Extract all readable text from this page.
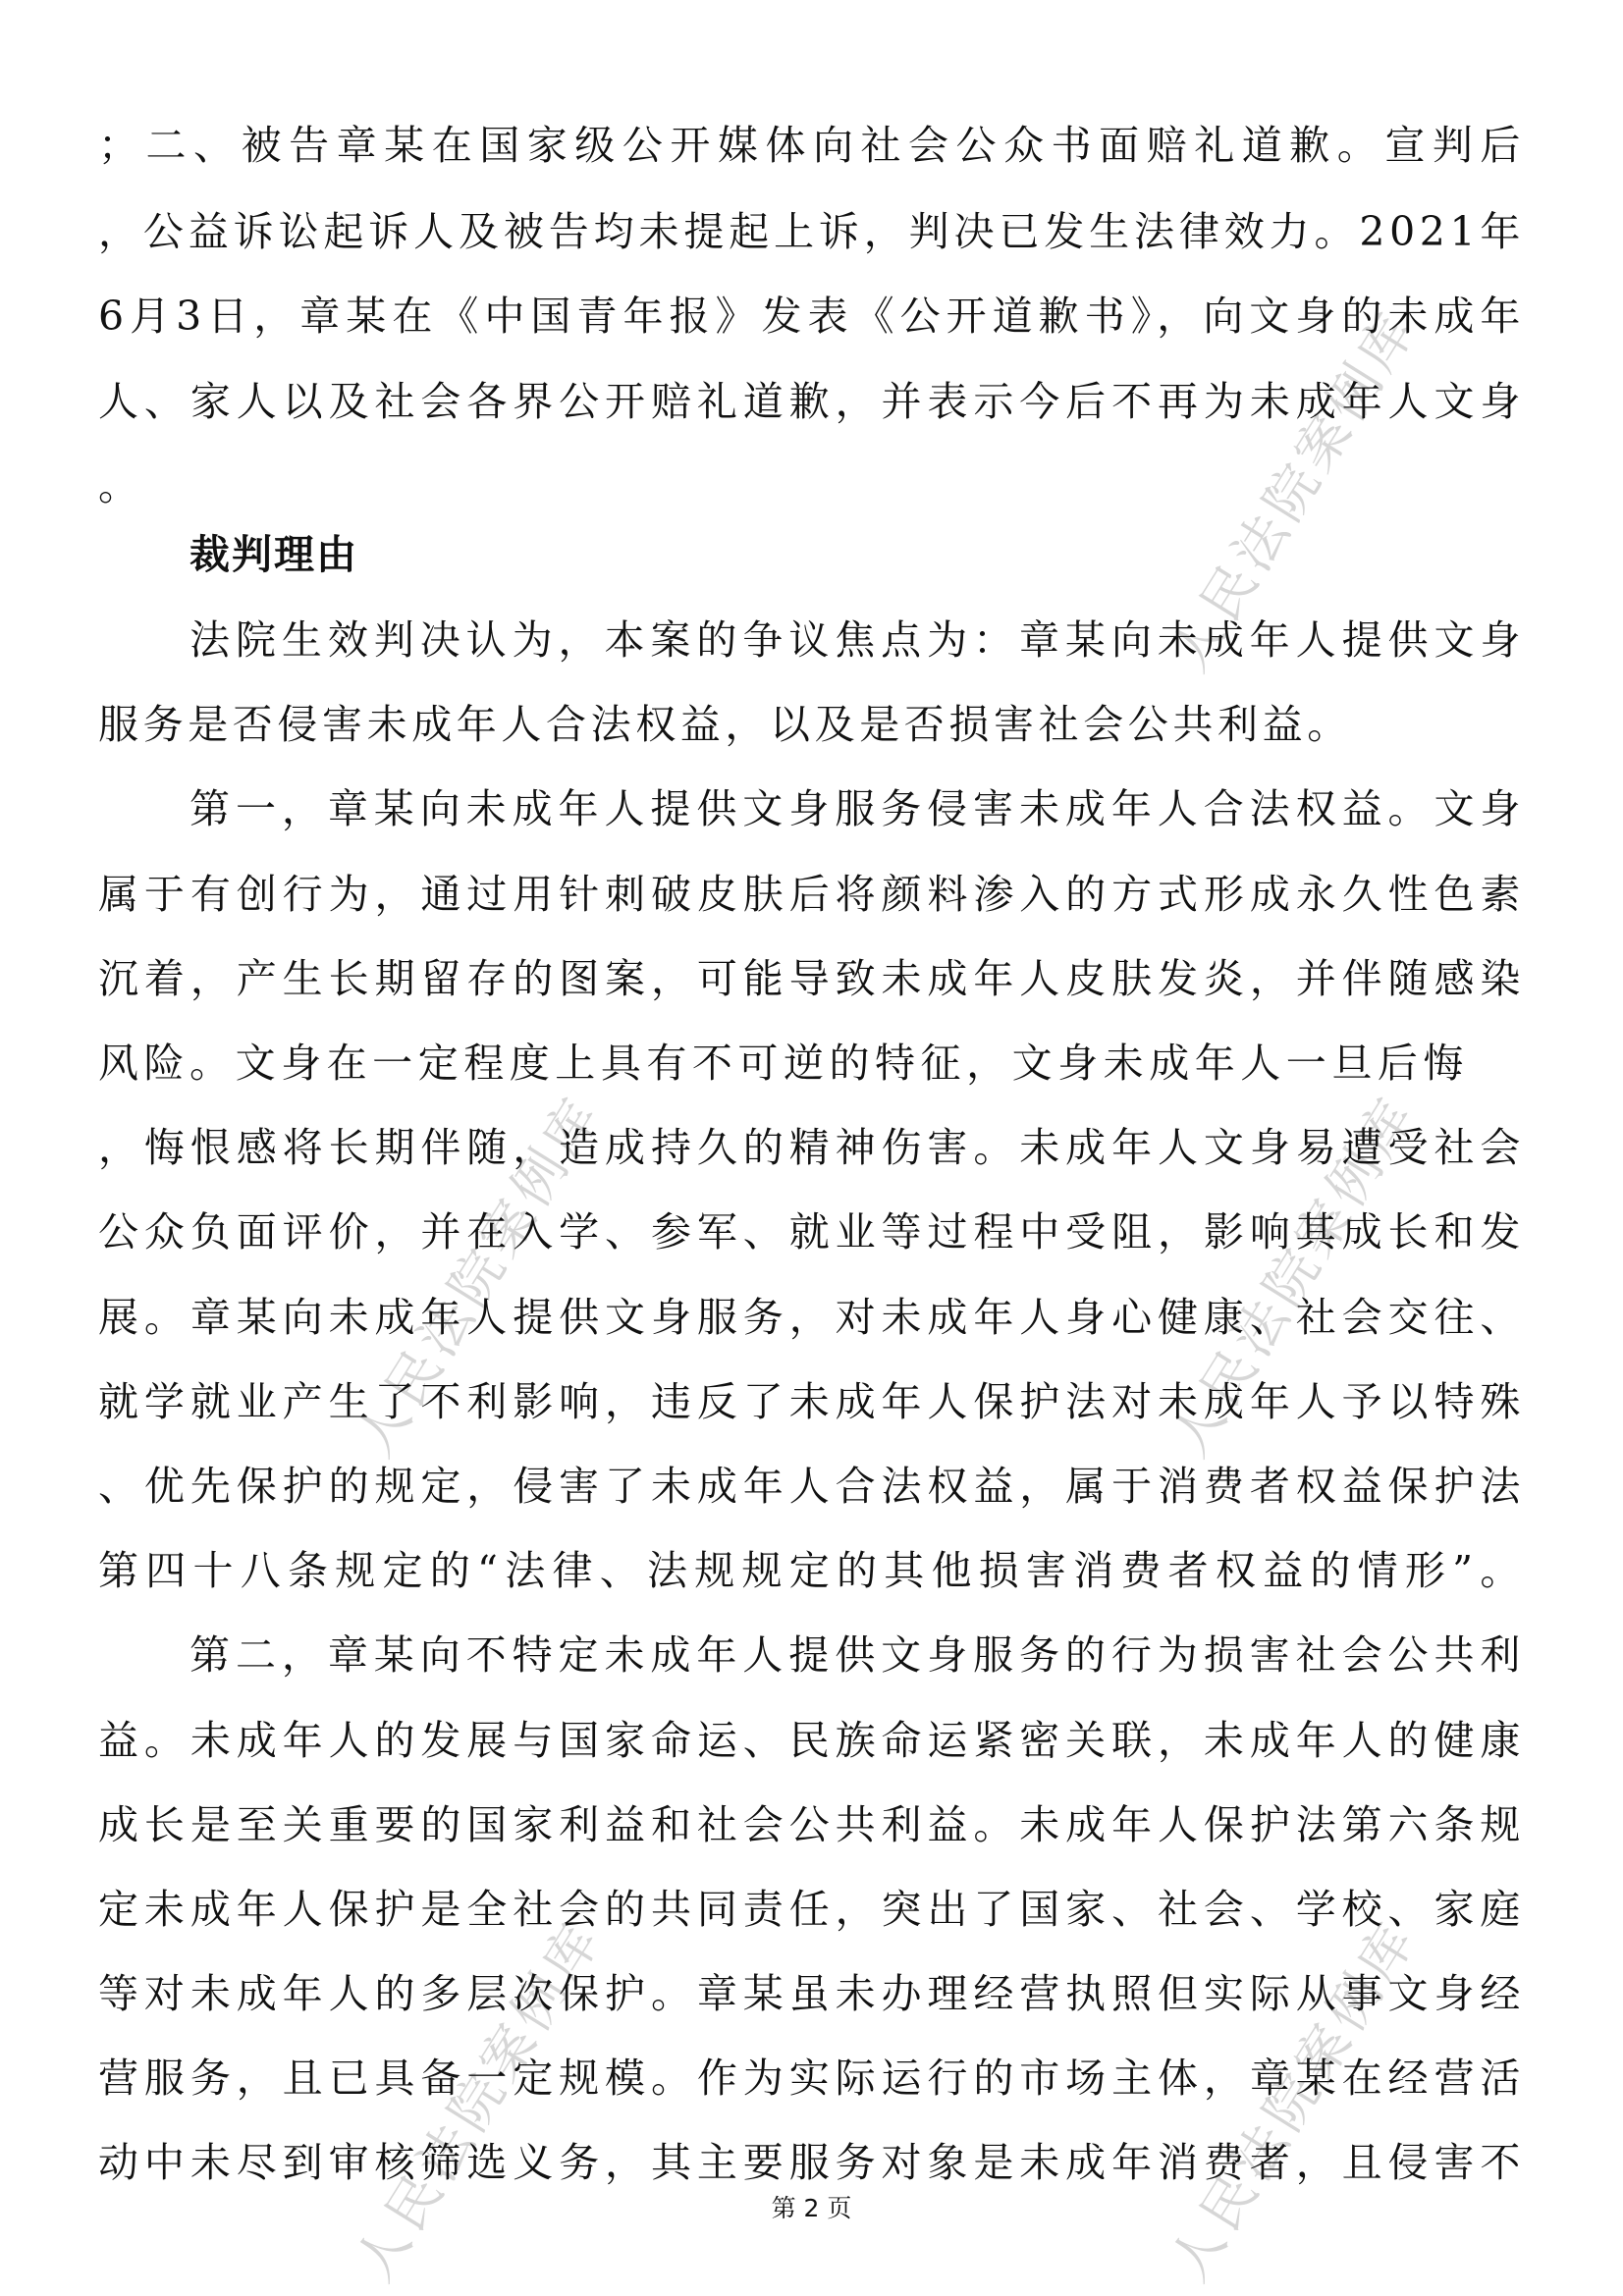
人民法院案例库
人民法院案例库
人民法院案例库
人民法院案例库	人民法院案例库
；二、被告章某在国家级公开媒体向社会公众书面赔礼道歉。宣判后
，公益诉讼起诉人及被告均未提起上诉，判决已发生法律效力。2021年
6月3日，章某在《中国青年报》发表《公开道歉书》，向文身的未成年
人、家人以及社会各界公开赔礼道歉，并表示今后不再为未成年人文身
。
裁判理由
法院生效判决认为，本案的争议焦点为：章某向未成年人提供文身
服务是否侵害未成年人合法权益，以及是否损害社会公共利益。
第一，章某向未成年人提供文身服务侵害未成年人合法权益。文身
属于有创行为，通过用针刺破皮肤后将颜料渗入的方式形成永久性色素
沉着，产生长期留存的图案，可能导致未成年人皮肤发炎，并伴随感染
风险。文身在一定程度上具有不可逆的特征，文身未成年人一旦后悔
，悔恨感将长期伴随，造成持久的精神伤害。未成年人文身易遭受社会
公众负面评价，并在入学、参军、就业等过程中受阻，影响其成长和发
展。章某向未成年人提供文身服务，对未成年人身心健康、社会交往、
就学就业产生了不利影响，违反了未成年人保护法对未成年人予以特殊
、优先保护的规定，侵害了未成年人合法权益，属于消费者权益保护法
第四十八条规定的“法律、法规规定的其他损害消费者权益的情形”。
第二，章某向不特定未成年人提供文身服务的行为损害社会公共利
益。未成年人的发展与国家命运、民族命运紧密关联，未成年人的健康
成长是至关重要的国家利益和社会公共利益。未成年人保护法第六条规
定未成年人保护是全社会的共同责任，突出了国家、社会、学校、家庭
等对未成年人的多层次保护。章某虽未办理经营执照但实际从事文身经
营服务，且已具备一定规模。作为实际运行的市场主体，章某在经营活
动中未尽到审核筛选义务，其主要服务对象是未成年消费者，且侵害不
第 2 页
